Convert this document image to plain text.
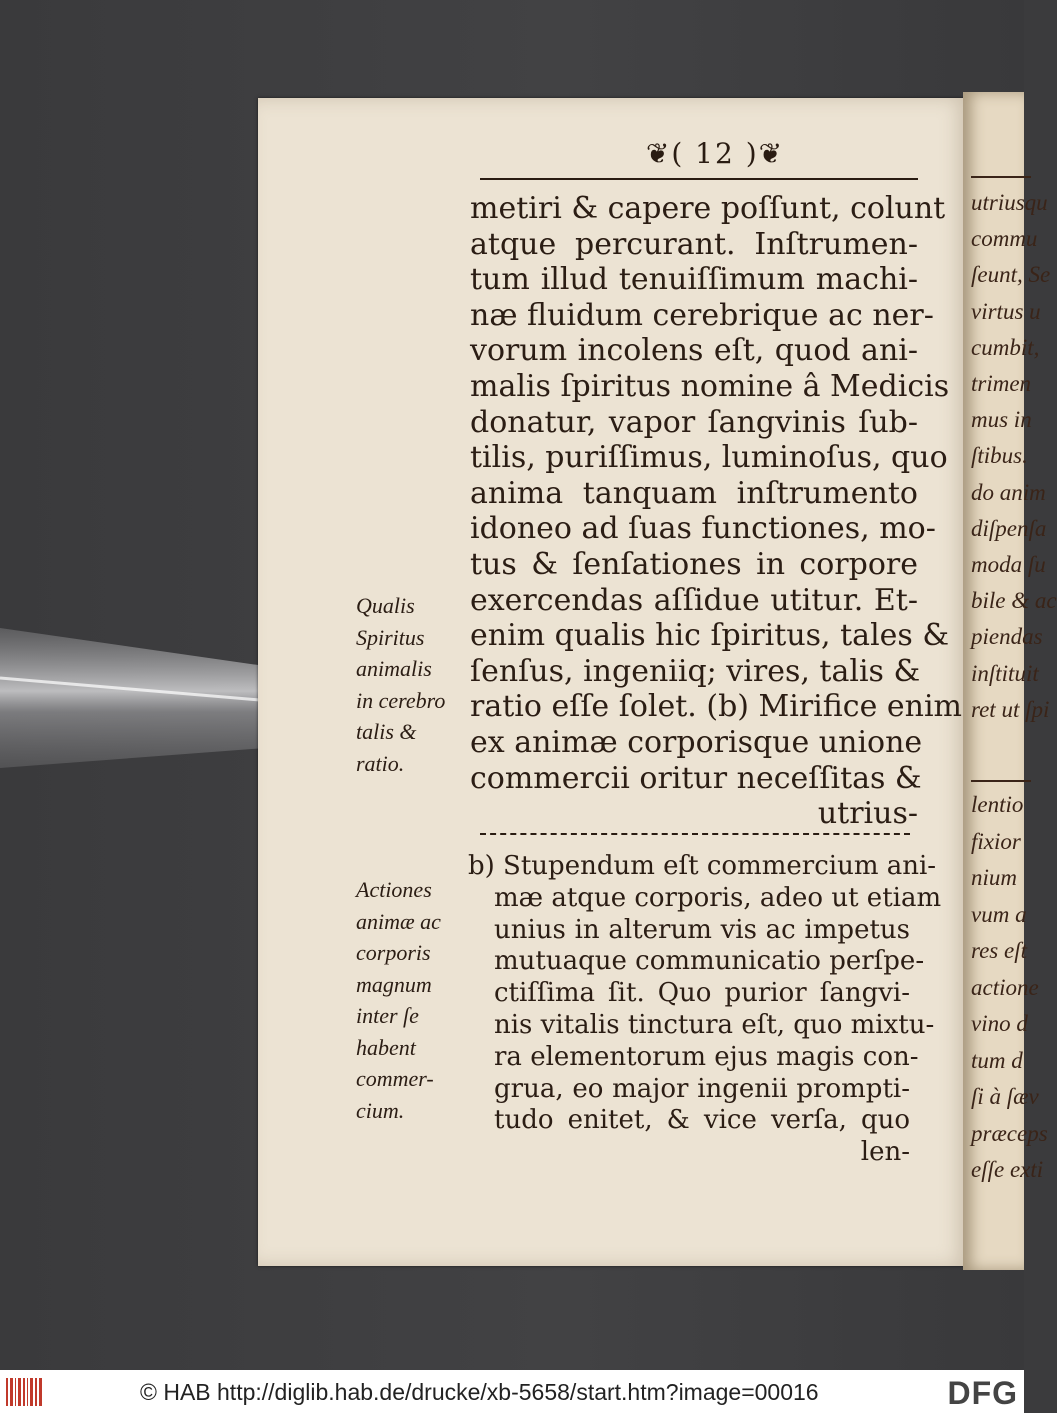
utriusqu
commu
ſeunt, Se
virtus u
cumbit,
trimen
mus in
ſtibus.
do anim
diſpenſa
moda ſu
bile & ac
piendas
inſtituit
ret ut ſpi
lentio
fixior
nium
vum a
res eſt
actione
vino d
tum d
ſi à ſæv
præceps
eſſe exti
❦( 12 )❦
metiri & capere poſſunt, colunt
atque percurant. Inſtrumen-
tum illud tenuiſſimum machi-
næ fluidum cerebrique ac ner-
vorum incolens eſt, quod ani-
malis ſpiritus nomine â Medicis
donatur, vapor ſangvinis ſub-
tilis, puriſſimus, luminoſus, quo
anima tanquam inſtrumento
idoneo ad ſuas functiones, mo-
tus & ſenſationes in corpore
exercendas aſſidue utitur. Et-
enim qualis hic ſpiritus, tales &
ſenſus, ingeniiq; vires, talis &
ratio eſſe ſolet. (b) Mirifice enim
ex animæ corporisque unione
commercii oritur neceſſitas &
utrius-
b) Stupendum eſt commercium ani-
mæ atque corporis, adeo ut etiam
unius in alterum vis ac impetus
mutuaque communicatio perſpe-
ctiſſima ſit. Quo purior ſangvi-
nis vitalis tinctura eſt, quo mixtu-
ra elementorum ejus magis con-
grua, eo major ingenii prompti-
tudo enitet, & vice verſa, quo
len-
Qualis
Spiritus
animalis
in cerebro
talis &
ratio.
Actiones
animæ ac
corporis
magnum
inter ſe
habent
commer-
cium.
© HAB http://diglib.hab.de/drucke/xb-5658/start.htm?image=00016	DFG
